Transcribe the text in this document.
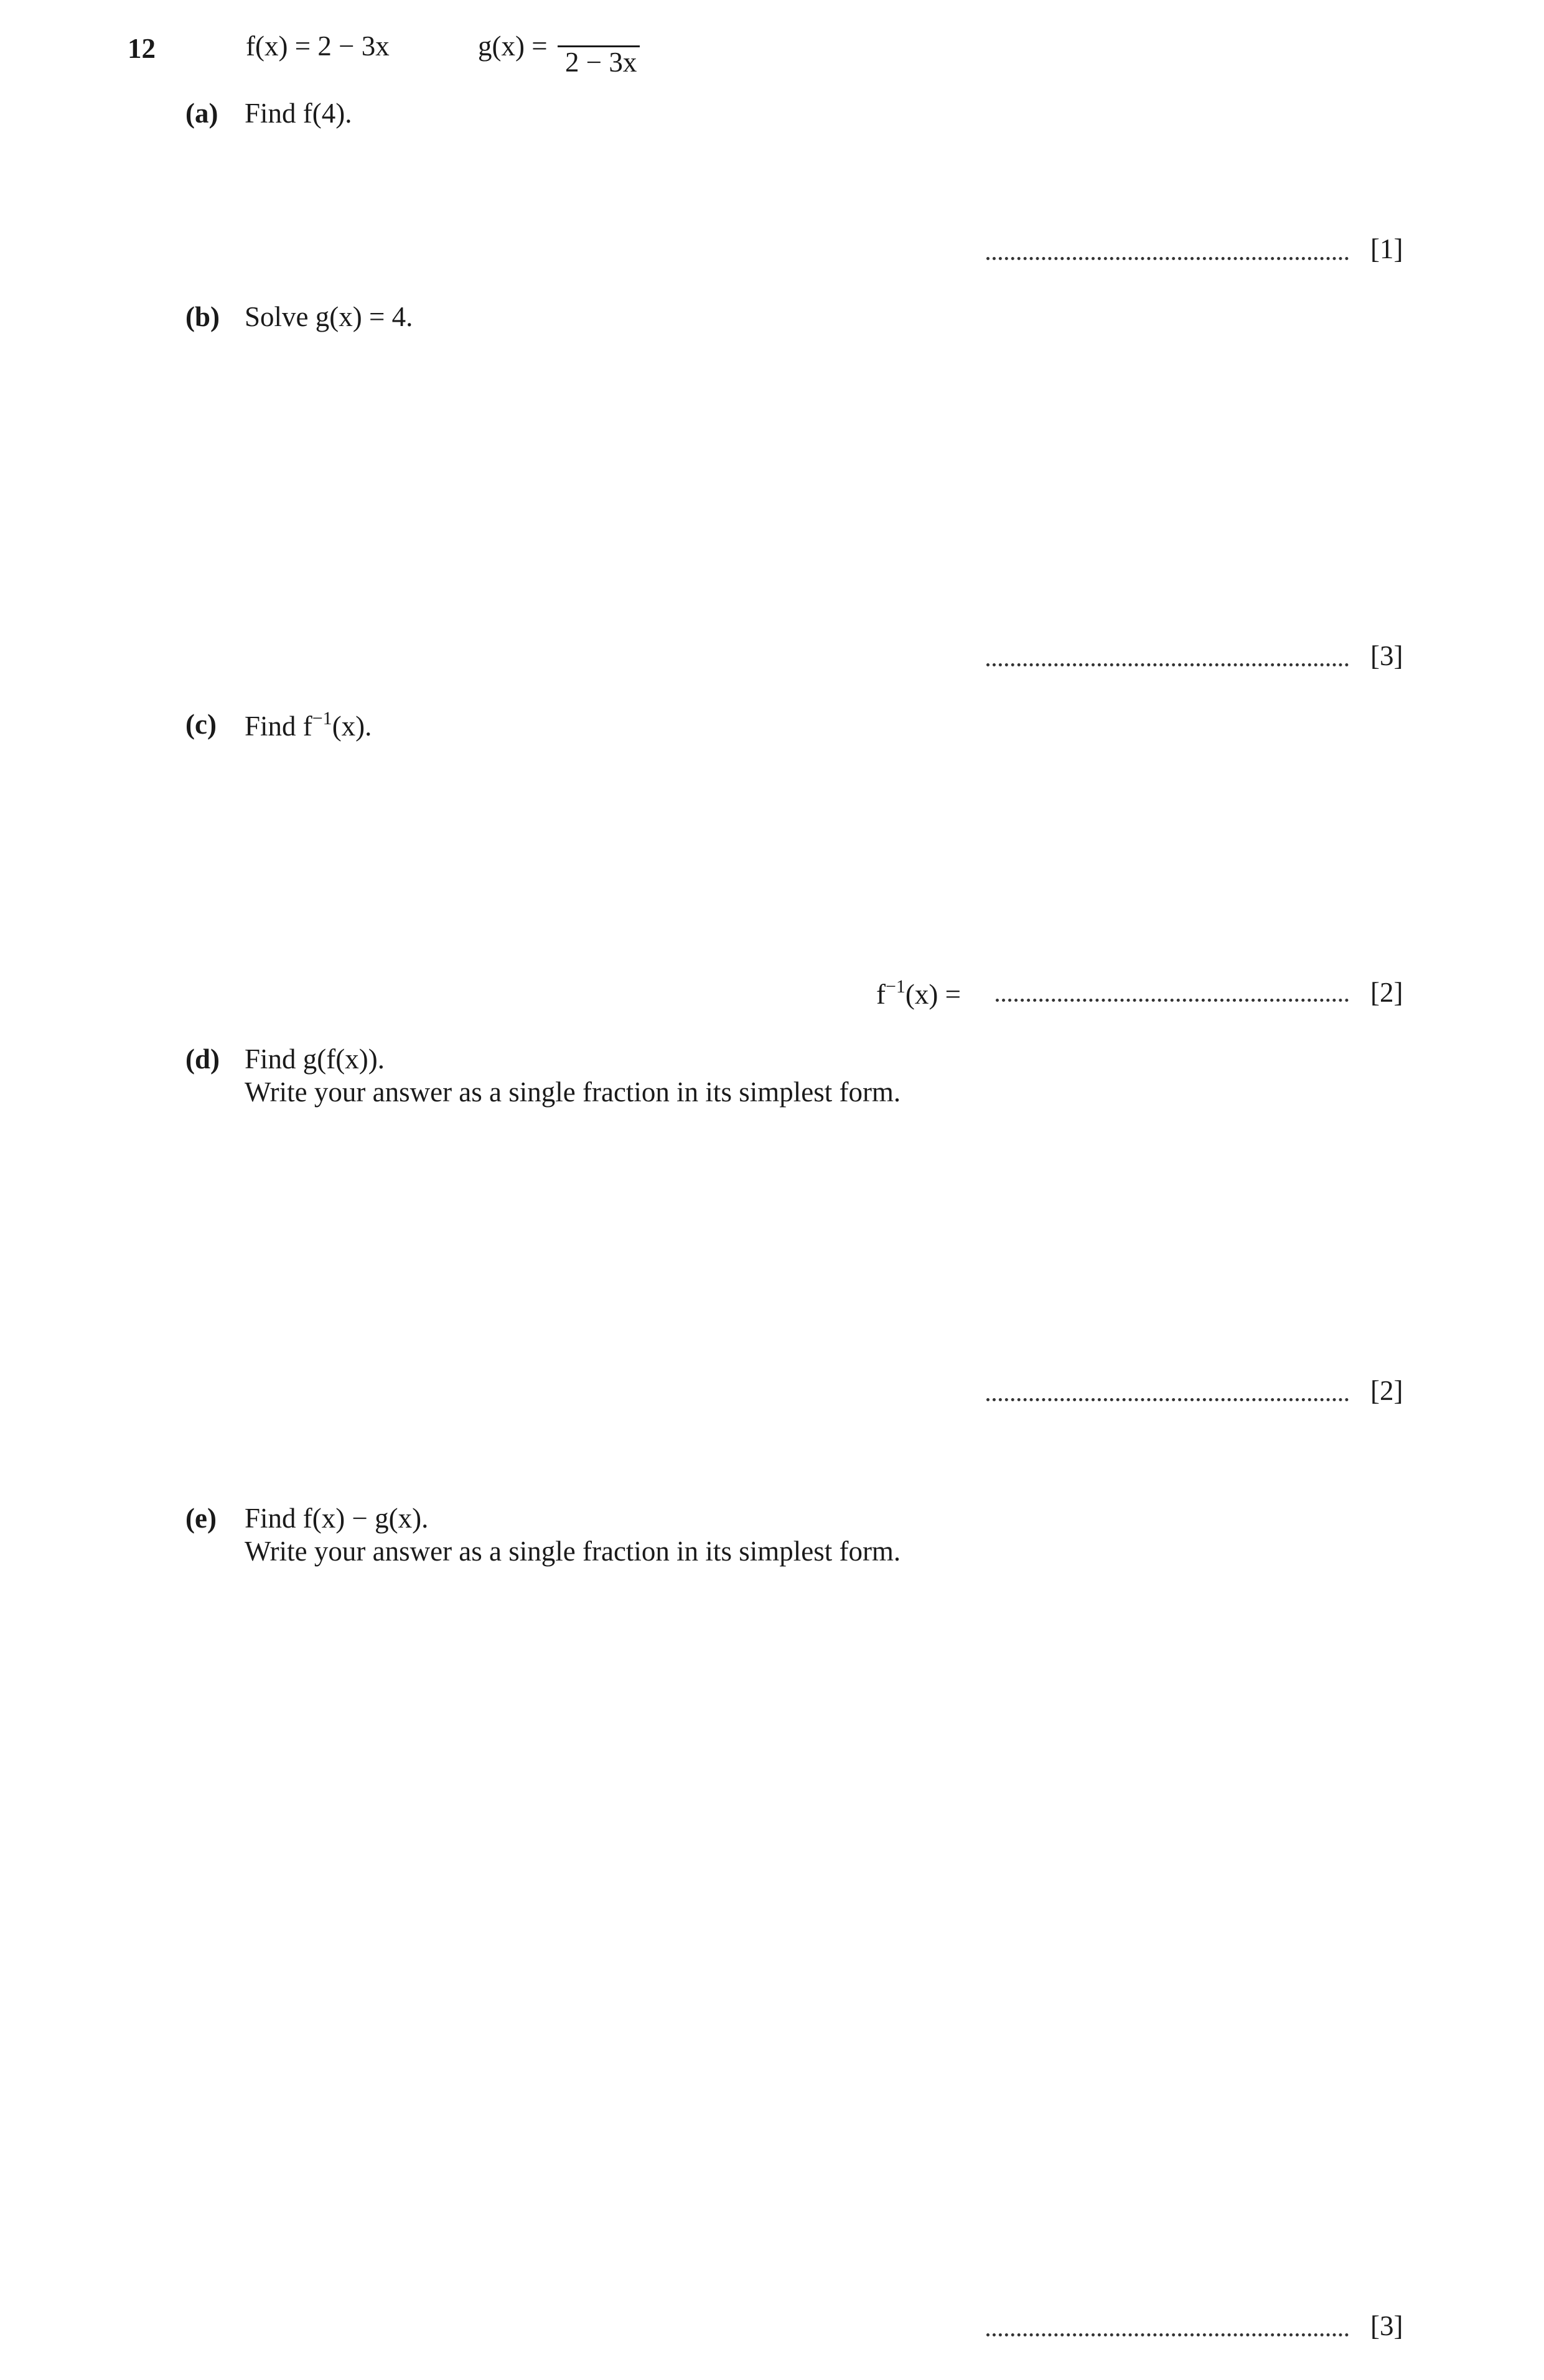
12	f(x) = 2 − 3x	g(x) =
2 − 3x
(a) Find f(4).
[1]
(b) Solve g(x) = 4.
[3]
(c) Find $f^{-1}(x)$.
$f^{-1}(x)$ =	[2]
(d) Find g(f(x)).
Write your answer as a single fraction in its simplest form.
[2]
(e) Find f(x) − g(x).
Write your answer as a single fraction in its simplest form.
[3]
